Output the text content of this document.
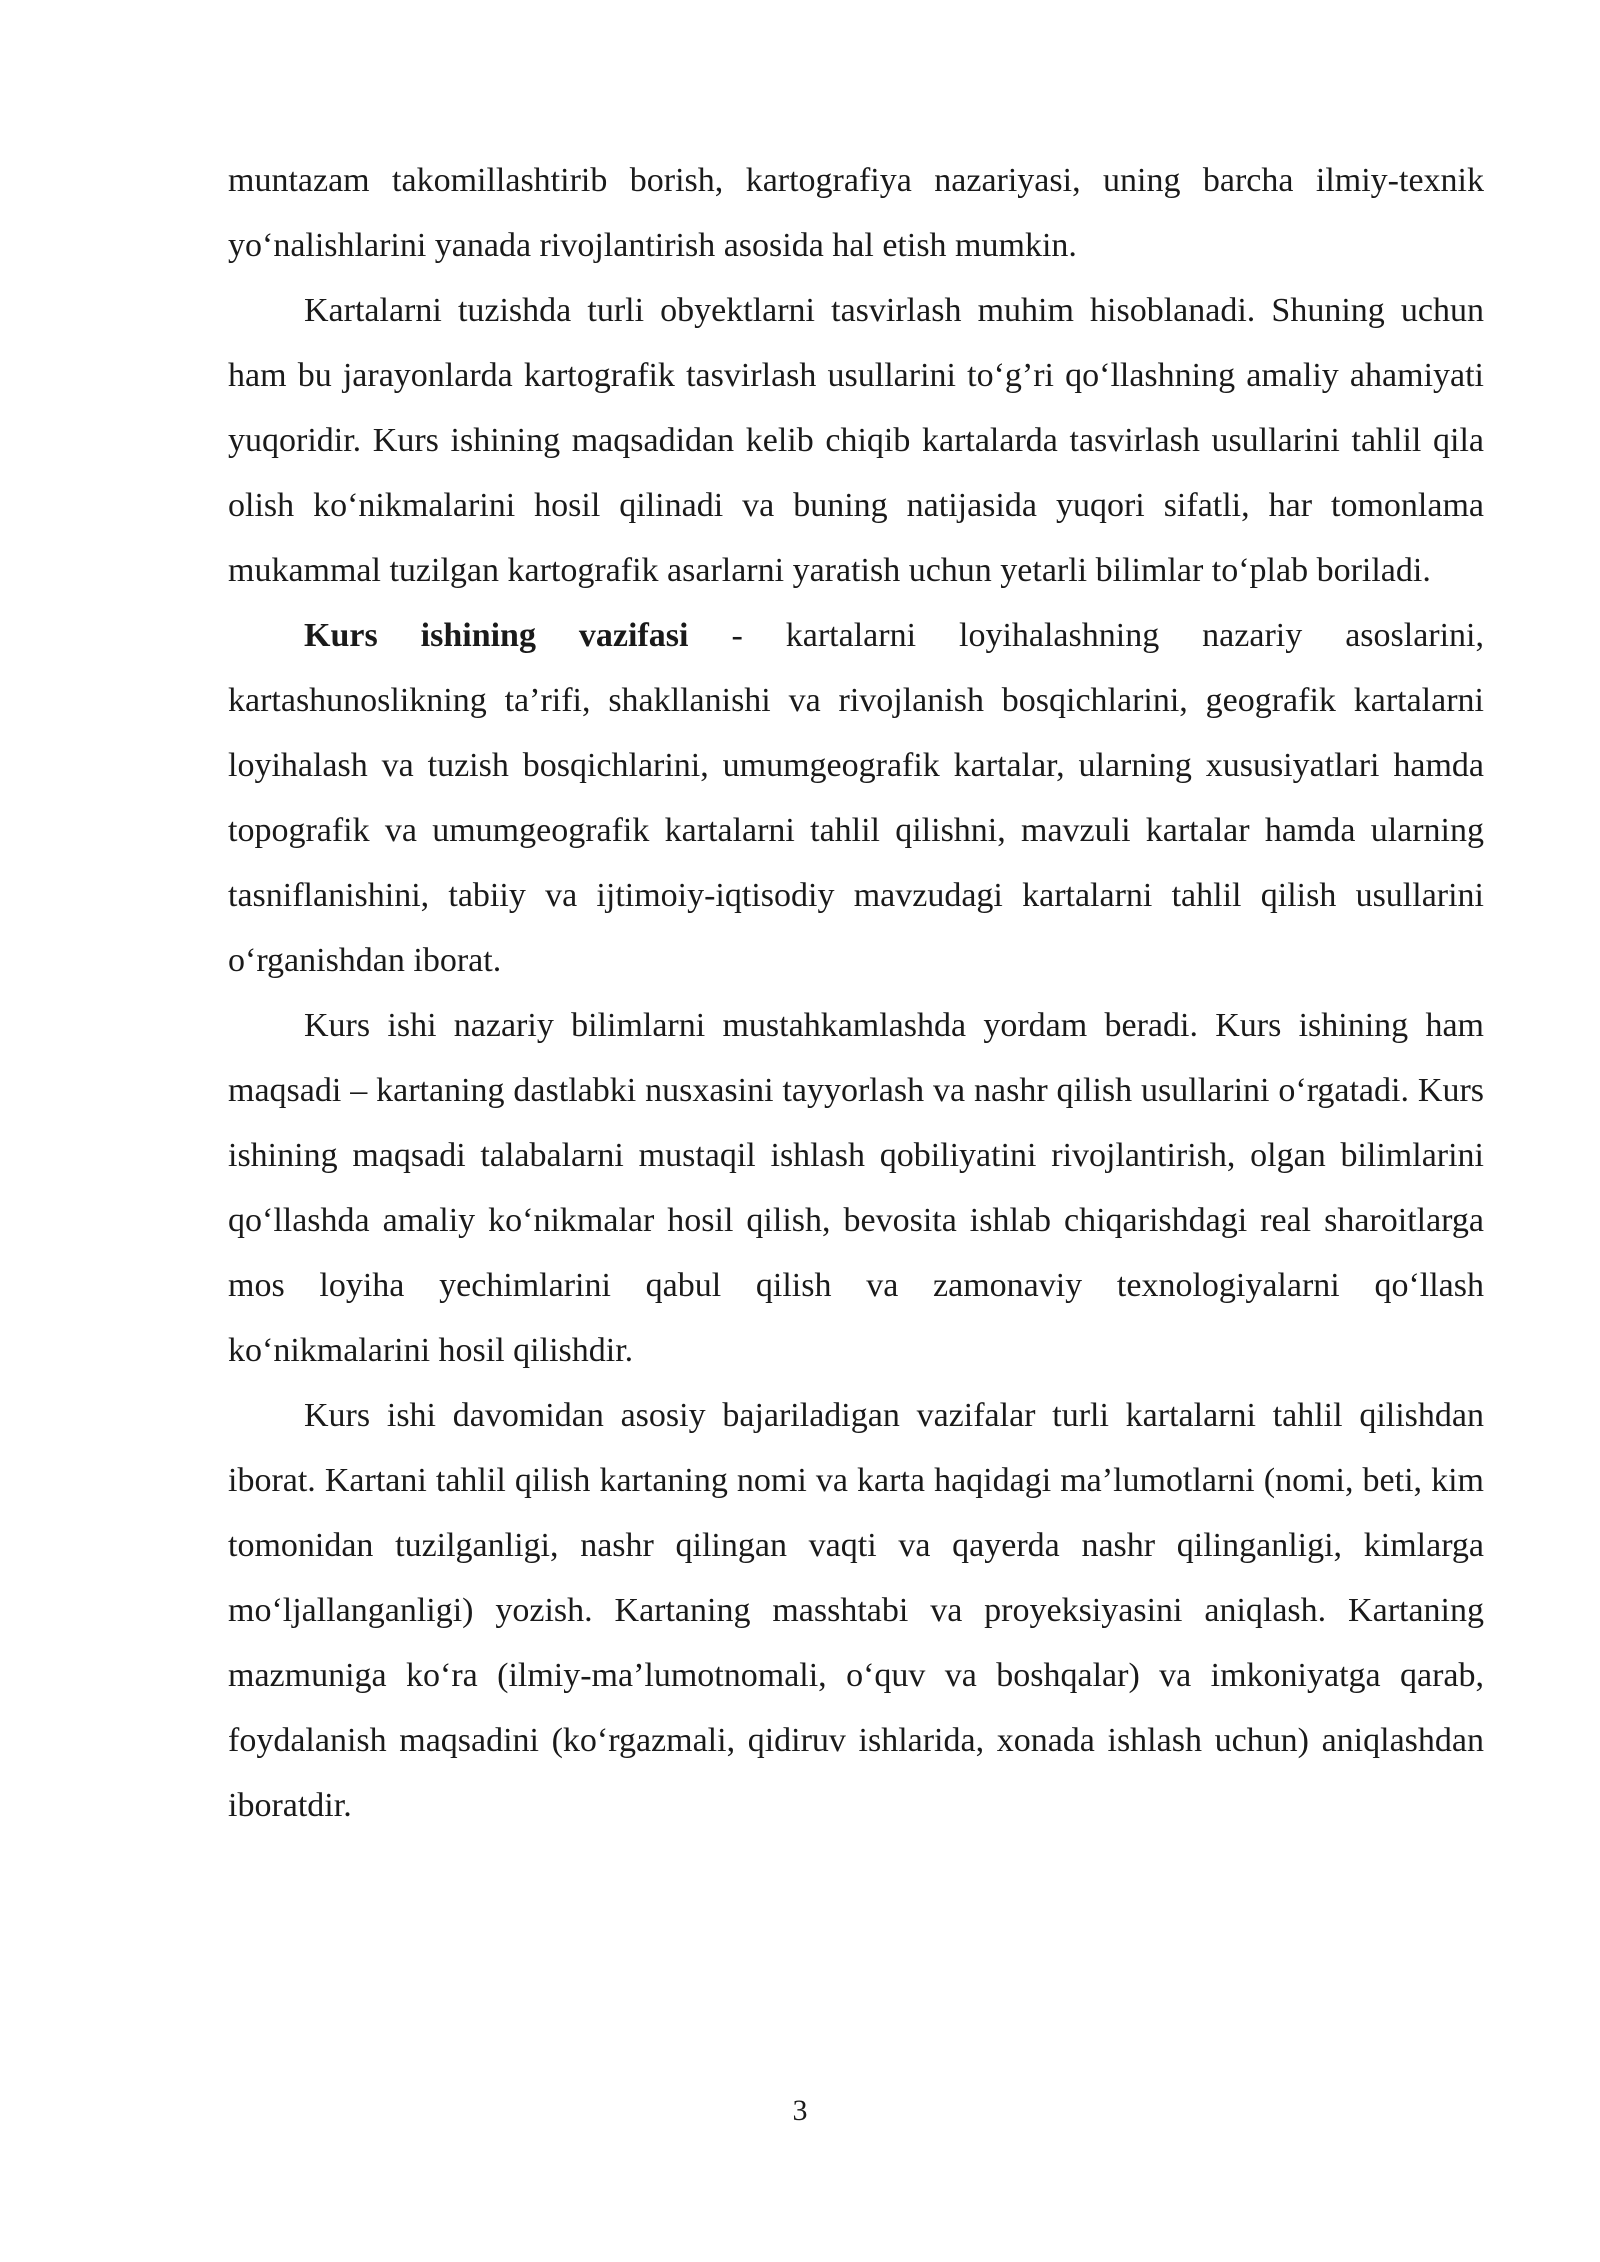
muntazam takomillashtirib borish, kartografiya nazariyasi, uning barcha ilmiy-texnik yo‘nalishlarini yanada rivojlantirish asosida hal etish mumkin.

Kartalarni tuzishda turli obyektlarni tasvirlash muhim hisoblanadi. Shuning uchun ham bu jarayonlarda kartografik tasvirlash usullarini to‘g’ri qo‘llashning amaliy ahamiyati yuqoridir. Kurs ishining maqsadidan kelib chiqib kartalarda tasvirlash usullarini tahlil qila olish ko‘nikmalarini hosil qilinadi va buning natijasida yuqori sifatli, har tomonlama mukammal tuzilgan kartografik asarlarni yaratish uchun yetarli bilimlar to‘plab boriladi.

Kurs ishining vazifasi - kartalarni loyihalashning nazariy asoslarini, kartashunoslikning ta’rifi, shakllanishi va rivojlanish bosqichlarini, geografik kartalarni loyihalash va tuzish bosqichlarini, umumgeografik kartalar, ularning xususiyatlari hamda topografik va umumgeografik kartalarni tahlil qilishni, mavzuli kartalar hamda ularning tasniflanishini, tabiiy va ijtimoiy-iqtisodiy mavzudagi kartalarni tahlil qilish usullarini o‘rganishdan iborat.

Kurs ishi nazariy bilimlarni mustahkamlashda yordam beradi. Kurs ishining ham maqsadi – kartaning dastlabki nusxasini tayyorlash va nashr qilish usullarini o‘rgatadi. Kurs ishining maqsadi talabalarni mustaqil ishlash qobiliyatini rivojlantirish, olgan bilimlarini qo‘llashda amaliy ko‘nikmalar hosil qilish, bevosita ishlab chiqarishdagi real sharoitlarga mos loyiha yechimlarini qabul qilish va zamonaviy texnologiyalarni qo‘llash ko‘nikmalarini hosil qilishdir.

Kurs ishi davomidan asosiy bajariladigan vazifalar turli kartalarni tahlil qilishdan iborat. Kartani tahlil qilish kartaning nomi va karta haqidagi ma’lumotlarni (nomi, beti, kim tomonidan tuzilganligi, nashr qilingan vaqti va qayerda nashr qilinganligi, kimlarga mo‘ljallanganligi) yozish. Kartaning masshtabi va proyeksiyasini aniqlash. Kartaning mazmuniga ko‘ra (ilmiy-ma’lumotnomali, o‘quv va boshqalar) va imkoniyatga qarab, foydalanish maqsadini (ko‘rgazmali, qidiruv ishlarida, xonada ishlash uchun) aniqlashdan iboratdir.

3
